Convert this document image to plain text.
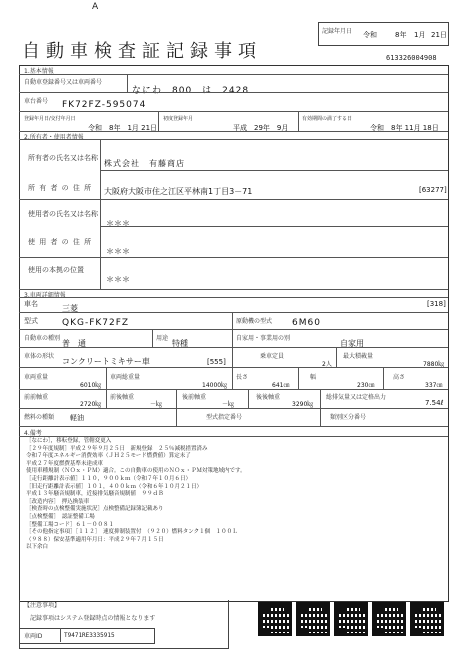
A
記録年月日 令和	8年 1月 21日
自動車検査証記録事項	613326004908
1.基本情報
自動車登録番号又は車両番号
なにわ　800　は　2428
車台番号 FK72FZ-595074
登録年月日/交付年月日
令和　8年　1月 21日
初度登録年月
平成　29年　9月
有効期間の満了する日
令和　8年 11月 18日
2.所有者・使用者情報
所有者の氏名又は名称
株式会社　有藤商店
所 有 者 の 住 所 大阪府大阪市住之江区平林南1丁目3－71	[63277]
使用者の氏名又は名称
＊＊＊
使 用 者 の 住 所
＊＊＊
使用の本拠の位置
＊＊＊
3.車両詳細情報
車名	三菱	[318]
型式	QKG-FK72FZ	原動機の型式 6M60
自動車の種別
普　通
用途
特種
自家用・事業用の別
自家用
車体の形状
コンクリートミキサー車	[555]
乗車定員
2人
最大積載量
7880㎏
車両重量
6010㎏
車両総重量
14000㎏
長さ
641㎝
幅
230㎝
高さ
337㎝
前前軸重
2720㎏
前後軸重
－㎏
後前軸重
－㎏
後後軸重
3290㎏
総排気量又は定格出力
7.54ℓ
燃料の種類 軽油	型式指定番号	類別区分番号
4.備考
［なにわ］，移転登録，管轄変更入
［２９年度規制］平成２９年９月２５日　新規登録　２５％減税措置済み
令和７年度エネルギー消費効率（ＪＨ２５モード燃費値）算定未了
平成２７年度燃費基準未達成車
使用車種規制（ＮＯｘ・ＰＭ）適合。この自動車の使用のＮＯｘ・ＰＭ対策地域内です。
［走行距離計表示値］１１０，９００ｋｍ（令和７年１０月６日）
［旧走行距離計表示値］１０１，４００ｋｍ（令和６年１０月２１日）
平成１３年騒音規制車，近接排気騒音規制値　９９ｄＢ
［改造内容］　押込換装車
［検査時の点検整備実施状況］点検整備記録簿記載あり
［点検整備］　認証整備工場
［整備工場コード］６１－００８１
［その他指定事項］［１１２］　速度抑制装置付　（９２０）燃料タンク１個　１００Ｌ　（９８８）保安基準適用年月日：平成２９年７月１５日
以下余白
【注意事項】
記録事項はシステム登録時点の情報となります
車両ID	T9471RE3335915
